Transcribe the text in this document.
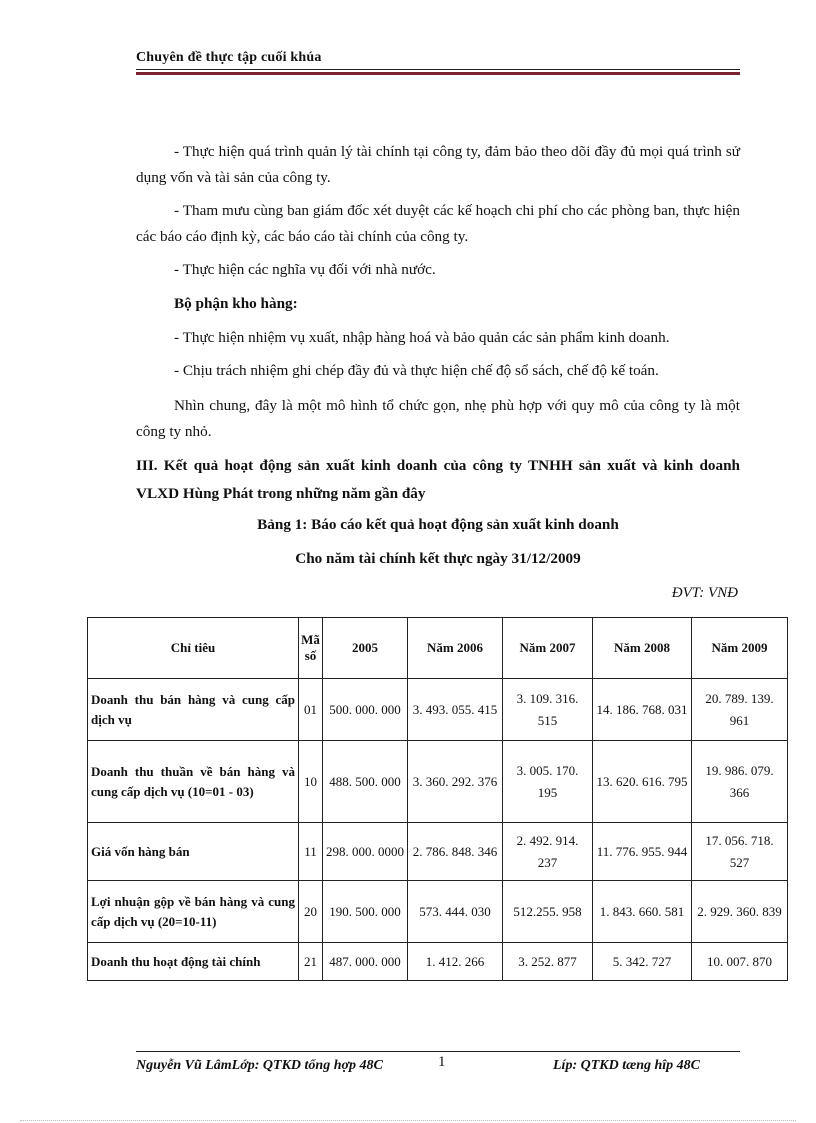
Chuyên đề thực tập cuối khúa

- Thực hiện quá trình quản lý tài chính tại công ty, đảm bảo theo dõi đầy đủ mọi quá trình sử dụng vốn và tài sản của công ty.

- Tham mưu cùng ban giám đốc xét duyệt các kế hoạch chi phí cho các phòng ban, thực hiện các báo cáo định kỳ, các báo cáo tài chính của công ty.

- Thực hiện các nghĩa vụ đối với nhà nước.

Bộ phận kho hàng:

- Thực hiện nhiệm vụ xuất, nhập hàng hoá và bảo quản các sản phẩm kinh doanh.

- Chịu trách nhiệm ghi chép đầy đủ và thực hiện chế độ sổ sách, chế độ kế toán.

Nhìn chung, đây là một mô hình tổ chức gọn, nhẹ phù hợp với quy mô của công ty là một công ty nhỏ.

III. Kết quả hoạt động sản xuất kinh doanh của công ty TNHH sản xuất và kinh doanh VLXD Hùng Phát trong những năm gần đây

Bảng 1: Báo cáo kết quả hoạt động sản xuất kinh doanh

Cho năm tài chính kết thực ngày 31/12/2009

ĐVT: VNĐ

Chỉ tiêu	Mã số	2005	Năm 2006	Năm 2007	Năm 2008	Năm 2009
Doanh thu bán hàng và cung cấp dịch vụ	01	500. 000. 000	3. 493. 055. 415	3. 109. 316. 515	14. 186. 768. 031	20. 789. 139. 961
Doanh thu thuần về bán hàng và cung cấp dịch vụ (10=01 - 03)	10	488. 500. 000	3. 360. 292. 376	3. 005. 170. 195	13. 620. 616. 795	19. 986. 079. 366
Giá vốn hàng bán	11	298. 000. 0000	2. 786. 848. 346	2. 492. 914. 237	11. 776. 955. 944	17. 056. 718. 527
Lợi nhuận gộp về bán hàng và cung cấp dịch vụ (20=10-11)	20	190. 500. 000	573. 444. 030	512.255. 958	1. 843. 660. 581	2. 929. 360. 839
Doanh thu hoạt động tài chính	21	487. 000. 000	1. 412. 266	3. 252. 877	5. 342. 727	10. 007. 870
Nguyễn Vũ LâmLớp: QTKD tổng hợp 48C	1	Líp: QTKD tæng hîp 48C
